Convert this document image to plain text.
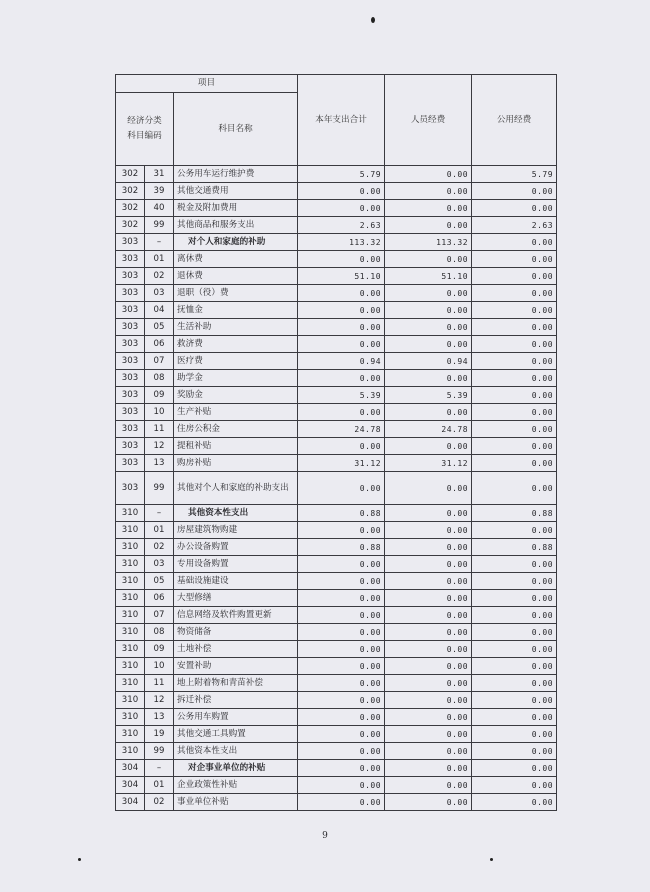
项目			本年支出合计	人员经费	公用经费
经济分类
科目编码		科目名称			
302	31	公务用车运行维护费	5.79	0.00	5.79
302	39	其他交通费用	0.00	0.00	0.00
302	40	税金及附加费用	0.00	0.00	0.00
302	99	其他商品和服务支出	2.63	0.00	2.63
303	–	对个人和家庭的补助	113.32	113.32	0.00
303	01	离休费	0.00	0.00	0.00
303	02	退休费	51.10	51.10	0.00
303	03	退职（役）费	0.00	0.00	0.00
303	04	抚恤金	0.00	0.00	0.00
303	05	生活补助	0.00	0.00	0.00
303	06	救济费	0.00	0.00	0.00
303	07	医疗费	0.94	0.94	0.00
303	08	助学金	0.00	0.00	0.00
303	09	奖励金	5.39	5.39	0.00
303	10	生产补贴	0.00	0.00	0.00
303	11	住房公积金	24.78	24.78	0.00
303	12	提租补贴	0.00	0.00	0.00
303	13	购房补贴	31.12	31.12	0.00
303	99	其他对个人和家庭的补助支出	0.00	0.00	0.00
310	–	其他资本性支出	0.88	0.00	0.88
310	01	房屋建筑物购建	0.00	0.00	0.00
310	02	办公设备购置	0.88	0.00	0.88
310	03	专用设备购置	0.00	0.00	0.00
310	05	基础设施建设	0.00	0.00	0.00
310	06	大型修缮	0.00	0.00	0.00
310	07	信息网络及软件购置更新	0.00	0.00	0.00
310	08	物资储备	0.00	0.00	0.00
310	09	土地补偿	0.00	0.00	0.00
310	10	安置补助	0.00	0.00	0.00
310	11	地上附着物和青苗补偿	0.00	0.00	0.00
310	12	拆迁补偿	0.00	0.00	0.00
310	13	公务用车购置	0.00	0.00	0.00
310	19	其他交通工具购置	0.00	0.00	0.00
310	99	其他资本性支出	0.00	0.00	0.00
304	–	对企事业单位的补贴	0.00	0.00	0.00
304	01	企业政策性补贴	0.00	0.00	0.00
304	02	事业单位补贴	0.00	0.00	0.00
9
